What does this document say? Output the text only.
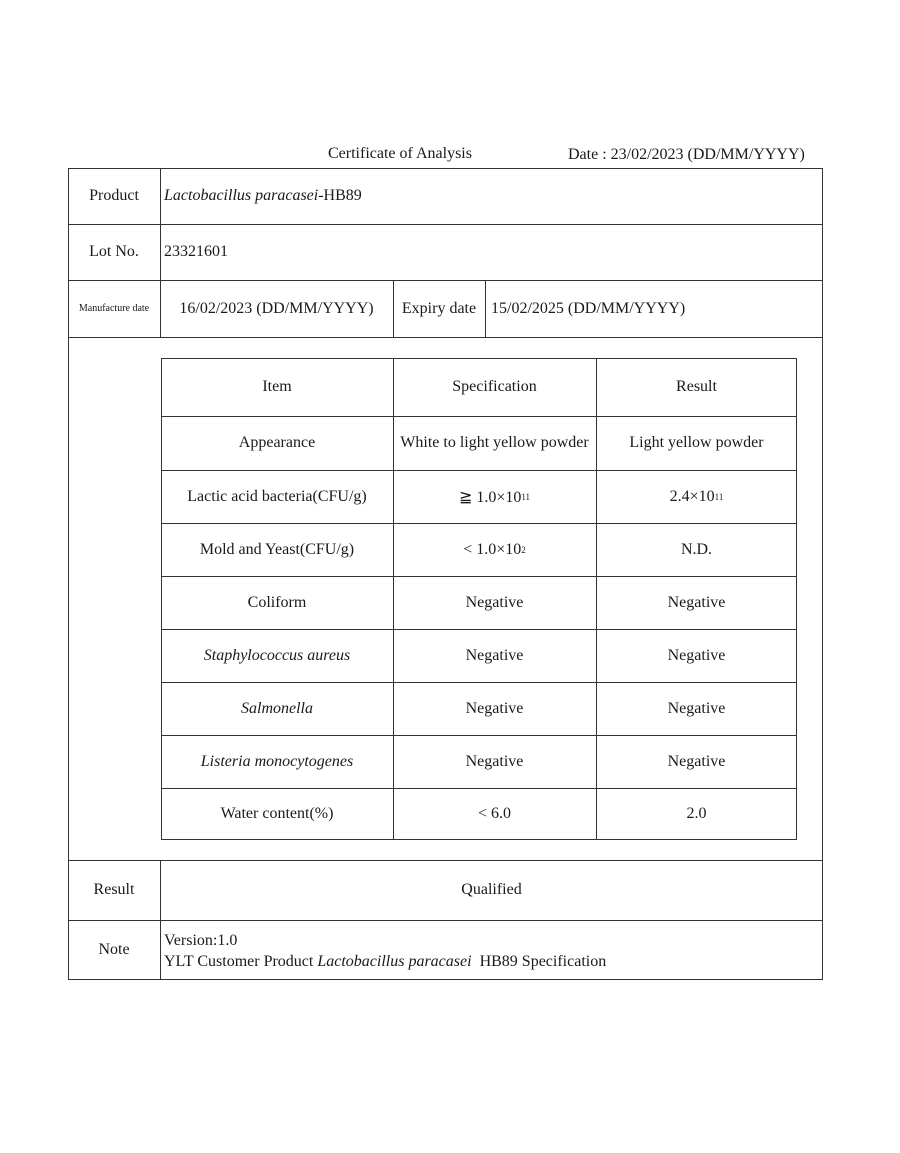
Certificate of Analysis	Date : 23/02/2023 (DD/MM/YYYY)
Product	Lactobacillus paracasei -HB89
Lot No.	23321601
Manufacture date	16/02/2023 (DD/MM/YYYY)	Expiry date 15/02/2025 (DD/MM/YYYY)
Item	Specification	Result
Appearance	White to light yellow powder	Light yellow powder
Lactic acid bacteria(CFU/g)	≧ 1.0×10 11	2.4×10 11
Mold and Yeast(CFU/g)	< 1.0×10 2	N.D.
Coliform	Negative	Negative
Staphylococcus aureus	Negative	Negative
Salmonella	Negative	Negative
Listeria monocytogenes	Negative	Negative
Water content(%)	< 6.0	2.0
Result	Qualified
Note
Version:1.0
YLT Customer Product Lactobacillus paracasei  HB89 Specification
